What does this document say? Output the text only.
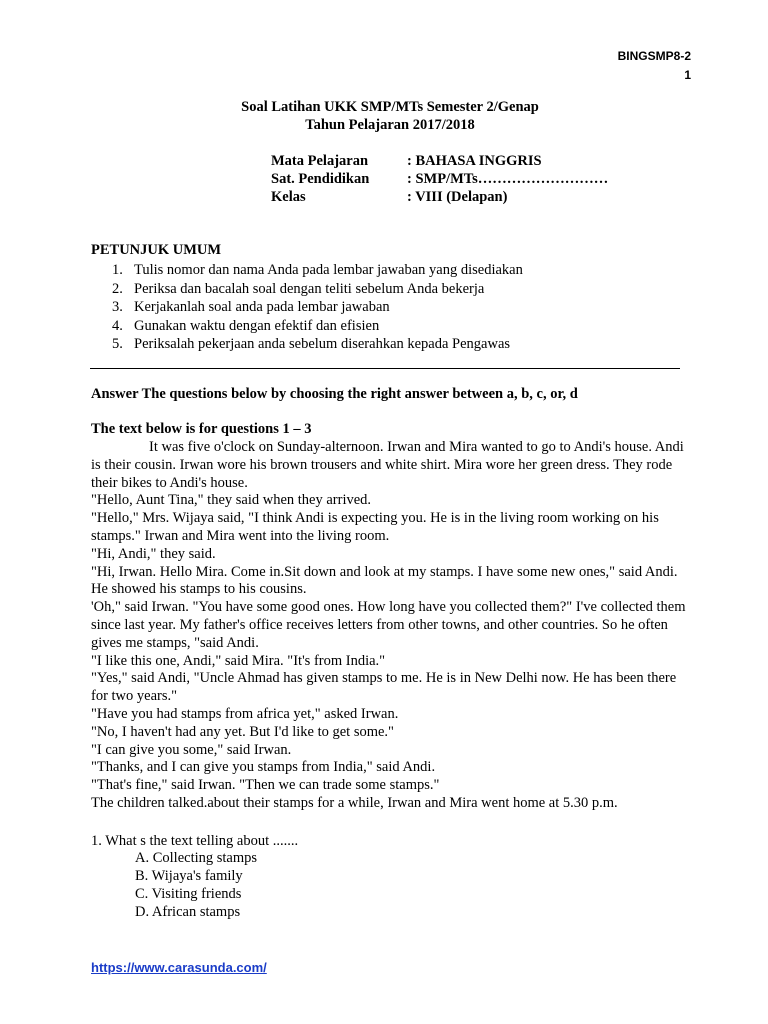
BINGSMP8-2
1
Soal Latihan UKK SMP/MTs Semester 2/Genap
Tahun Pelajaran 2017/2018
Mata Pelajaran	: BAHASA INGGRIS
Sat. Pendidikan	: SMP/MTs………………………
Kelas	: VIII (Delapan)
PETUNJUK UMUM
1. Tulis nomor dan nama Anda pada lembar jawaban yang disediakan
2. Periksa dan bacalah soal dengan teliti sebelum Anda bekerja
3. Kerjakanlah soal anda pada lembar jawaban
4. Gunakan waktu dengan efektif dan efisien
5. Periksalah pekerjaan anda sebelum diserahkan kepada Pengawas
Answer The questions below by choosing the right answer between a, b, c, or, d
The text below is for questions 1 – 3

It was five o'clock on Sunday-alternoon. Irwan and Mira wanted to go to Andi's house. Andi is their cousin. Irwan wore his brown trousers and white shirt. Mira wore her green dress. They rode their bikes to Andi's house.

"Hello, Aunt Tina," they said when they arrived.

"Hello," Mrs. Wijaya said, "I think Andi is expecting you. He is in the living room working on his stamps." Irwan and Mira went into the living room.

"Hi, Andi," they said.

"Hi, Irwan. Hello Mira. Come in.Sit down and look at my stamps. I have some new ones," said Andi. He showed his stamps to his cousins.

'Oh," said Irwan. "You have some good ones. How long have you collected them?" I've collected them since last year. My father's office receives letters from other towns, and other countries. So he often gives me stamps, "said Andi.

"I like this one, Andi," said Mira. "It's from India."

"Yes," said Andi, "Uncle Ahmad has given stamps to me. He is in New Delhi now. He has been there for two years."

"Have you had stamps from africa yet," asked Irwan.

"No, I haven't had any yet. But I'd like to get some."

"I can give you some," said Irwan.

"Thanks, and I can give you stamps from India," said Andi.

"That's fine," said Irwan. "Then we can trade some stamps."

The children talked.about their stamps for a while, Irwan and Mira went home at 5.30 p.m.

1. What s the text telling about .......
A. Collecting stamps
B. Wijaya's family
C. Visiting friends
D. African stamps
https://www.carasunda.com/
